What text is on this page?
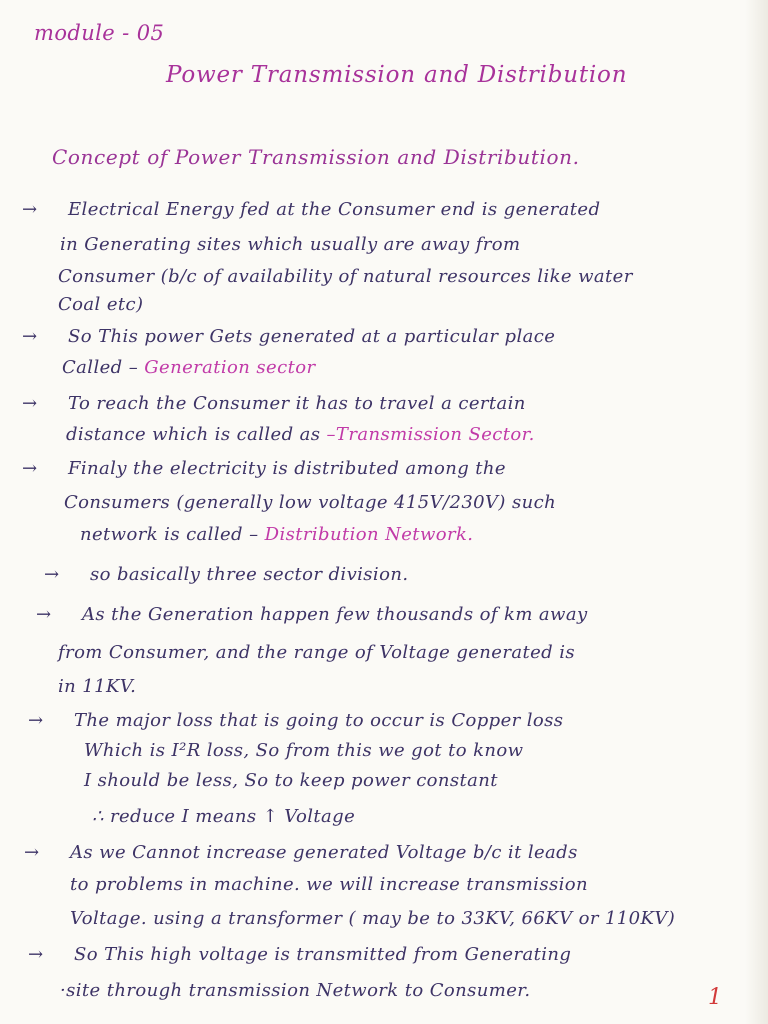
module - 05
Power Transmission and Distribution
Concept of Power Transmission and Distribution.
→ Electrical Energy fed at the Consumer end is generated
in Generating sites which usually are away from
Consumer (b/c of availability of natural resources like water
Coal etc)
→ So This power Gets generated at a particular place
Called – Generation sector
→ To reach the Consumer it has to travel a certain
distance which is called as –Transmission Sector.
→ Finaly the electricity is distributed among the
Consumers (generally low voltage 415V/230V) such
network is called – Distribution Network.
→ so basically three sector division.
→ As the Generation happen few thousands of km away
from Consumer, and the range of Voltage generated is
in 11KV.
→ The major loss that is going to occur is Copper loss
Which is I²R loss, So from this we got to know
I should be less, So to keep power constant
∴ reduce I means ↑ Voltage
→ As we Cannot increase generated Voltage b/c it leads
to problems in machine. we will increase transmission
Voltage. using a transformer ( may be to 33KV, 66KV or 110KV)
→ So This high voltage is transmitted from Generating
·site through transmission Network to Consumer.	1
